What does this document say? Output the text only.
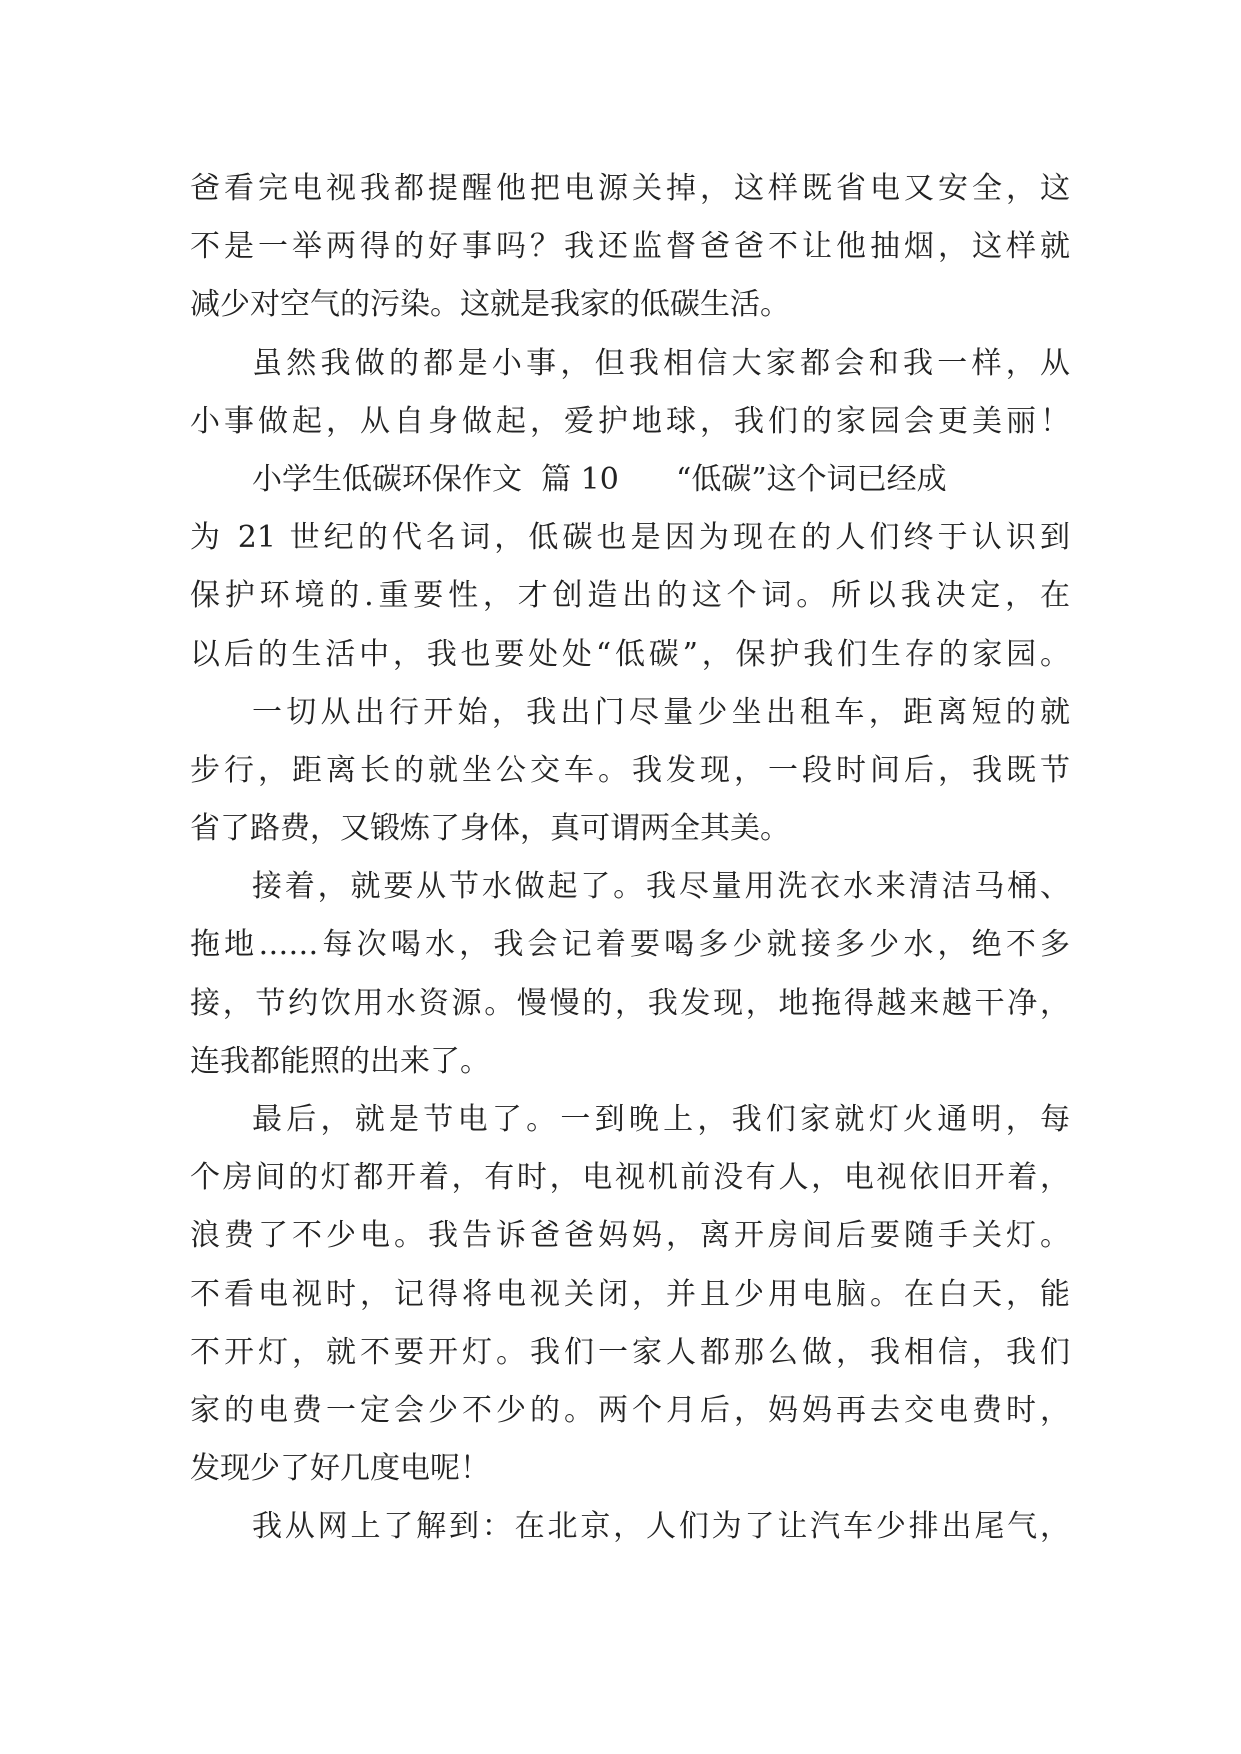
爸看完电视我都提醒他把电源关掉，这样既省电又安全，这
不是一举两得的好事吗？我还监督爸爸不让他抽烟，这样就
减少对空气的污染。这就是我家的低碳生活。
虽然我做的都是小事，但我相信大家都会和我一样，从
小事做起，从自身做起，爱护地球，我们的家园会更美丽！
小学生低碳环保作文  篇 10      “低碳”这个词已经成
为 21 世纪的代名词，低碳也是因为现在的人们终于认识到
保护环境的.重要性，才创造出的这个词。所以我决定，在
以后的生活中，我也要处处“低碳”，保护我们生存的家园。
一切从出行开始，我出门尽量少坐出租车，距离短的就
步行，距离长的就坐公交车。我发现，一段时间后，我既节
省了路费，又锻炼了身体，真可谓两全其美。
接着，就要从节水做起了。我尽量用洗衣水来清洁马桶、
拖地……每次喝水，我会记着要喝多少就接多少水，绝不多
接，节约饮用水资源。慢慢的，我发现，地拖得越来越干净，
连我都能照的出来了。
最后，就是节电了。一到晚上，我们家就灯火通明，每
个房间的灯都开着，有时，电视机前没有人，电视依旧开着，
浪费了不少电。我告诉爸爸妈妈，离开房间后要随手关灯。
不看电视时，记得将电视关闭，并且少用电脑。在白天，能
不开灯，就不要开灯。我们一家人都那么做，我相信，我们
家的电费一定会少不少的。两个月后，妈妈再去交电费时，
发现少了好几度电呢！
我从网上了解到：在北京，人们为了让汽车少排出尾气，
